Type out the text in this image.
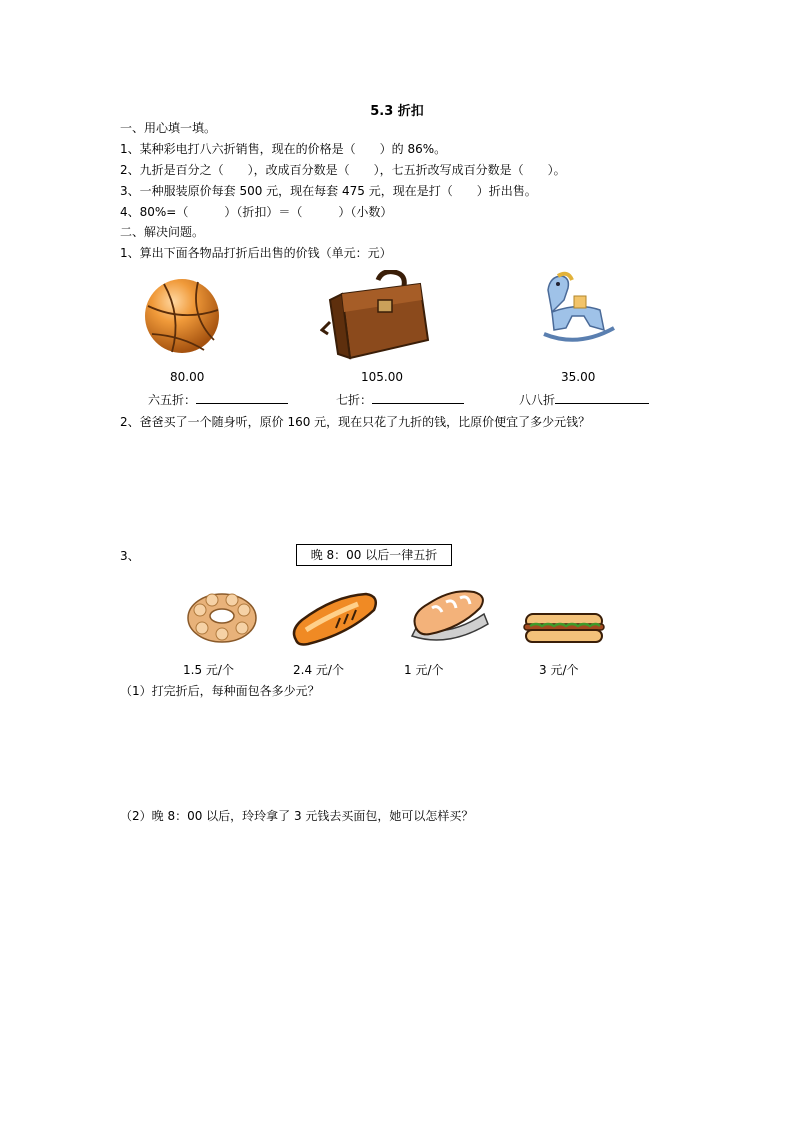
5.3 折扣
一、用心填一填。
1、某种彩电打八六折销售，现在的价格是（　　）的 86%。
2、九折是百分之（　　），改成百分数是（　　），七五折改写成百分数是（　　）。
3、一种服装原价每套 500 元，现在每套 475 元，现在是打（　　）折出售。
4、80%=（　　　）（折扣）＝（　　　）（小数）
二、解决问题。
1、算出下面各物品打折后出售的价钱（单元：元）
80.00	105.00	35.00
六五折：	七折：	八八折
2、爸爸买了一个随身听，原价 160 元，现在只花了九折的钱，比原价便宜了多少元钱？
3、	晚 8：00 以后一律五折
1.5 元/个	2.4 元/个	1 元/个	3 元/个
（1）打完折后，每种面包各多少元？
（2）晚 8：00 以后，玲玲拿了 3 元钱去买面包，她可以怎样买？
